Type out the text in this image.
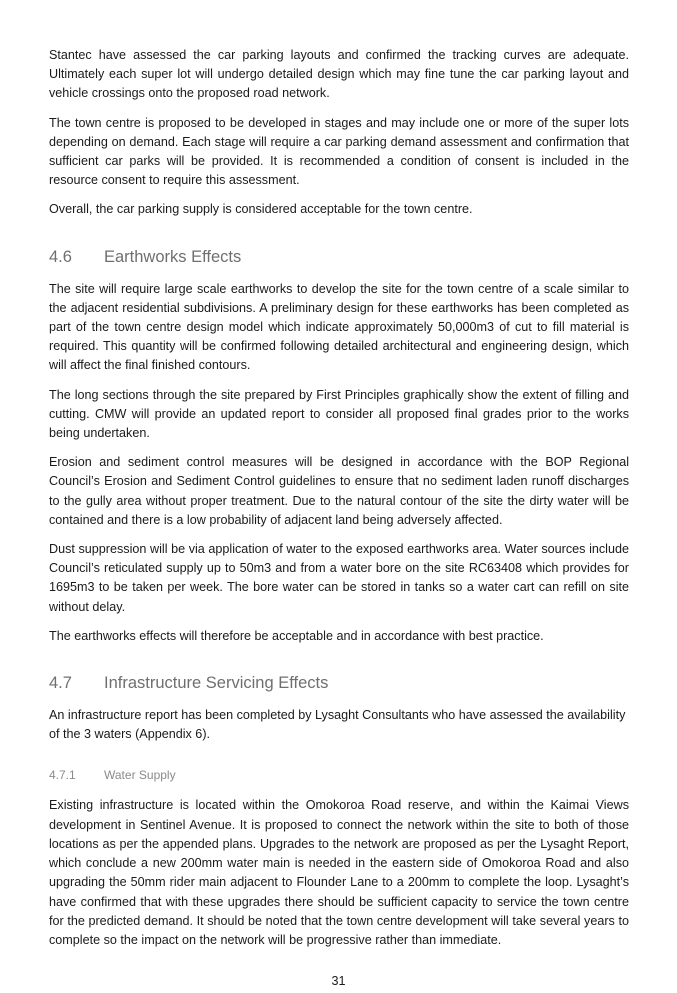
Stantec have assessed the car parking layouts and confirmed the tracking curves are adequate. Ultimately each super lot will undergo detailed design which may fine tune the car parking layout and vehicle crossings onto the proposed road network.

The town centre is proposed to be developed in stages and may include one or more of the super lots depending on demand. Each stage will require a car parking demand assessment and confirmation that sufficient car parks will be provided. It is recommended a condition of consent is included in the resource consent to require this assessment.

Overall, the car parking supply is considered acceptable for the town centre.

4.6	Earthworks Effects

The site will require large scale earthworks to develop the site for the town centre of a scale similar to the adjacent residential subdivisions. A preliminary design for these earthworks has been completed as part of the town centre design model which indicate approximately 50,000m3 of cut to fill material is required. This quantity will be confirmed following detailed architectural and engineering design, which will affect the final finished contours.

The long sections through the site prepared by First Principles graphically show the extent of filling and cutting. CMW will provide an updated report to consider all proposed final grades prior to the works being undertaken.

Erosion and sediment control measures will be designed in accordance with the BOP Regional Council’s Erosion and Sediment Control guidelines to ensure that no sediment laden runoff discharges to the gully area without proper treatment. Due to the natural contour of the site the dirty water will be contained and there is a low probability of adjacent land being adversely affected.

Dust suppression will be via application of water to the exposed earthworks area. Water sources include Council’s reticulated supply up to 50m3 and from a water bore on the site RC63408 which provides for 1695m3 to be taken per week. The bore water can be stored in tanks so a water cart can refill on site without delay.

The earthworks effects will therefore be acceptable and in accordance with best practice.

4.7	Infrastructure Servicing Effects

An infrastructure report has been completed by Lysaght Consultants who have assessed the availability of the 3 waters (Appendix 6).

4.7.1	Water Supply

Existing infrastructure is located within the Omokoroa Road reserve, and within the Kaimai Views development in Sentinel Avenue. It is proposed to connect the network within the site to both of those locations as per the appended plans. Upgrades to the network are proposed as per the Lysaght Report, which conclude a new 200mm water main is needed in the eastern side of Omokoroa Road and also upgrading the 50mm rider main adjacent to Flounder Lane to a 200mm to complete the loop. Lysaght’s have confirmed that with these upgrades there should be sufficient capacity to service the town centre for the predicted demand. It should be noted that the town centre development will take several years to complete so the impact on the network will be progressive rather than immediate.

31
